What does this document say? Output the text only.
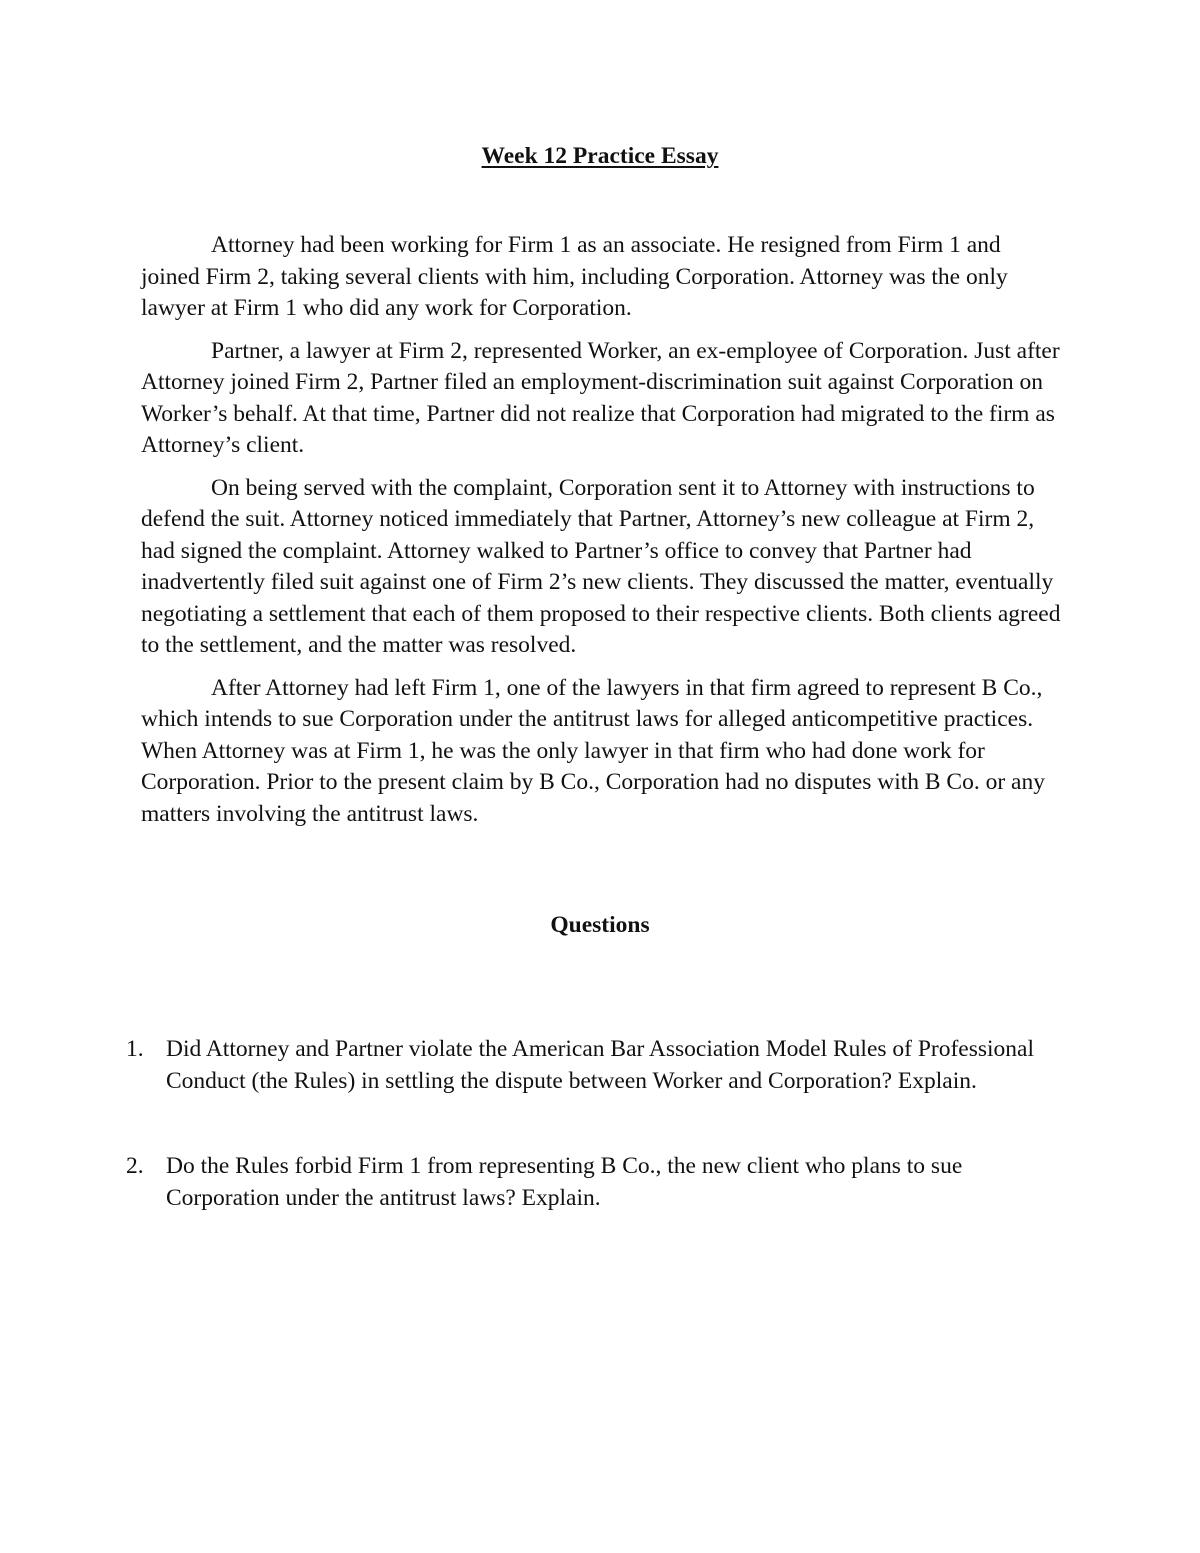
Week 12 Practice Essay

Attorney had been working for Firm 1 as an associate. He resigned from Firm 1 and joined Firm 2, taking several clients with him, including Corporation. Attorney was the only lawyer at Firm 1 who did any work for Corporation.

Partner, a lawyer at Firm 2, represented Worker, an ex-employee of Corporation. Just after Attorney joined Firm 2, Partner filed an employment-discrimination suit against Corporation on Worker’s behalf. At that time, Partner did not realize that Corporation had migrated to the firm as Attorney’s client.

On being served with the complaint, Corporation sent it to Attorney with instructions to defend the suit. Attorney noticed immediately that Partner, Attorney’s new colleague at Firm 2, had signed the complaint. Attorney walked to Partner’s office to convey that Partner had inadvertently filed suit against one of Firm 2’s new clients. They discussed the matter, eventually negotiating a settlement that each of them proposed to their respective clients. Both clients agreed to the settlement, and the matter was resolved.

After Attorney had left Firm 1, one of the lawyers in that firm agreed to represent B Co., which intends to sue Corporation under the antitrust laws for alleged anticompetitive practices. When Attorney was at Firm 1, he was the only lawyer in that firm who had done work for Corporation. Prior to the present claim by B Co., Corporation had no disputes with B Co. or any matters involving the antitrust laws.

Questions
1. Did Attorney and Partner violate the American Bar Association Model Rules of Professional Conduct (the Rules) in settling the dispute between Worker and Corporation? Explain.
2. Do the Rules forbid Firm 1 from representing B Co., the new client who plans to sue Corporation under the antitrust laws? Explain.
